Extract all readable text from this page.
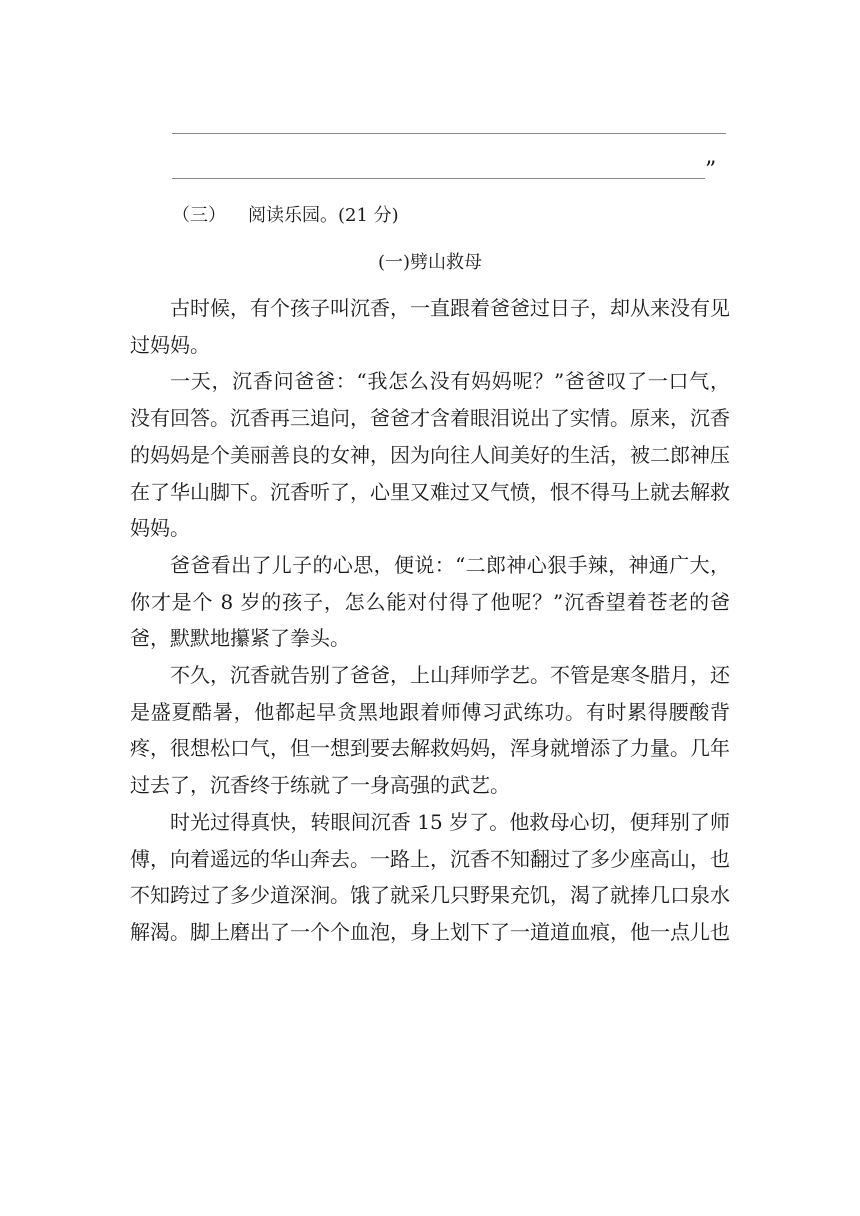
”
（三） 阅读乐园。(21 分)
(一)劈山救母

古时候，有个孩子叫沉香，一直跟着爸爸过日子，却从来没有见过妈妈。

一天，沉香问爸爸：“我怎么没有妈妈呢？”爸爸叹了一口气，没有回答。沉香再三追问，爸爸才含着眼泪说出了实情。原来，沉香的妈妈是个美丽善良的女神，因为向往人间美好的生活，被二郎神压在了华山脚下。沉香听了，心里又难过又气愤，恨不得马上就去解救妈妈。

爸爸看出了儿子的心思，便说：“二郎神心狠手辣，神通广大，你才是个 8 岁的孩子，怎么能对付得了他呢？”沉香望着苍老的爸爸，默默地攥紧了拳头。

不久，沉香就告别了爸爸，上山拜师学艺。不管是寒冬腊月，还是盛夏酷暑，他都起早贪黑地跟着师傅习武练功。有时累得腰酸背疼，很想松口气，但一想到要去解救妈妈，浑身就增添了力量。几年过去了，沉香终于练就了一身高强的武艺。

时光过得真快，转眼间沉香 15 岁了。他救母心切，便拜别了师傅，向着遥远的华山奔去。一路上，沉香不知翻过了多少座高山，也不知跨过了多少道深涧。饿了就采几只野果充饥，渴了就捧几口泉水解渴。脚上磨出了一个个血泡，身上划下了一道道血痕，他一点儿也
